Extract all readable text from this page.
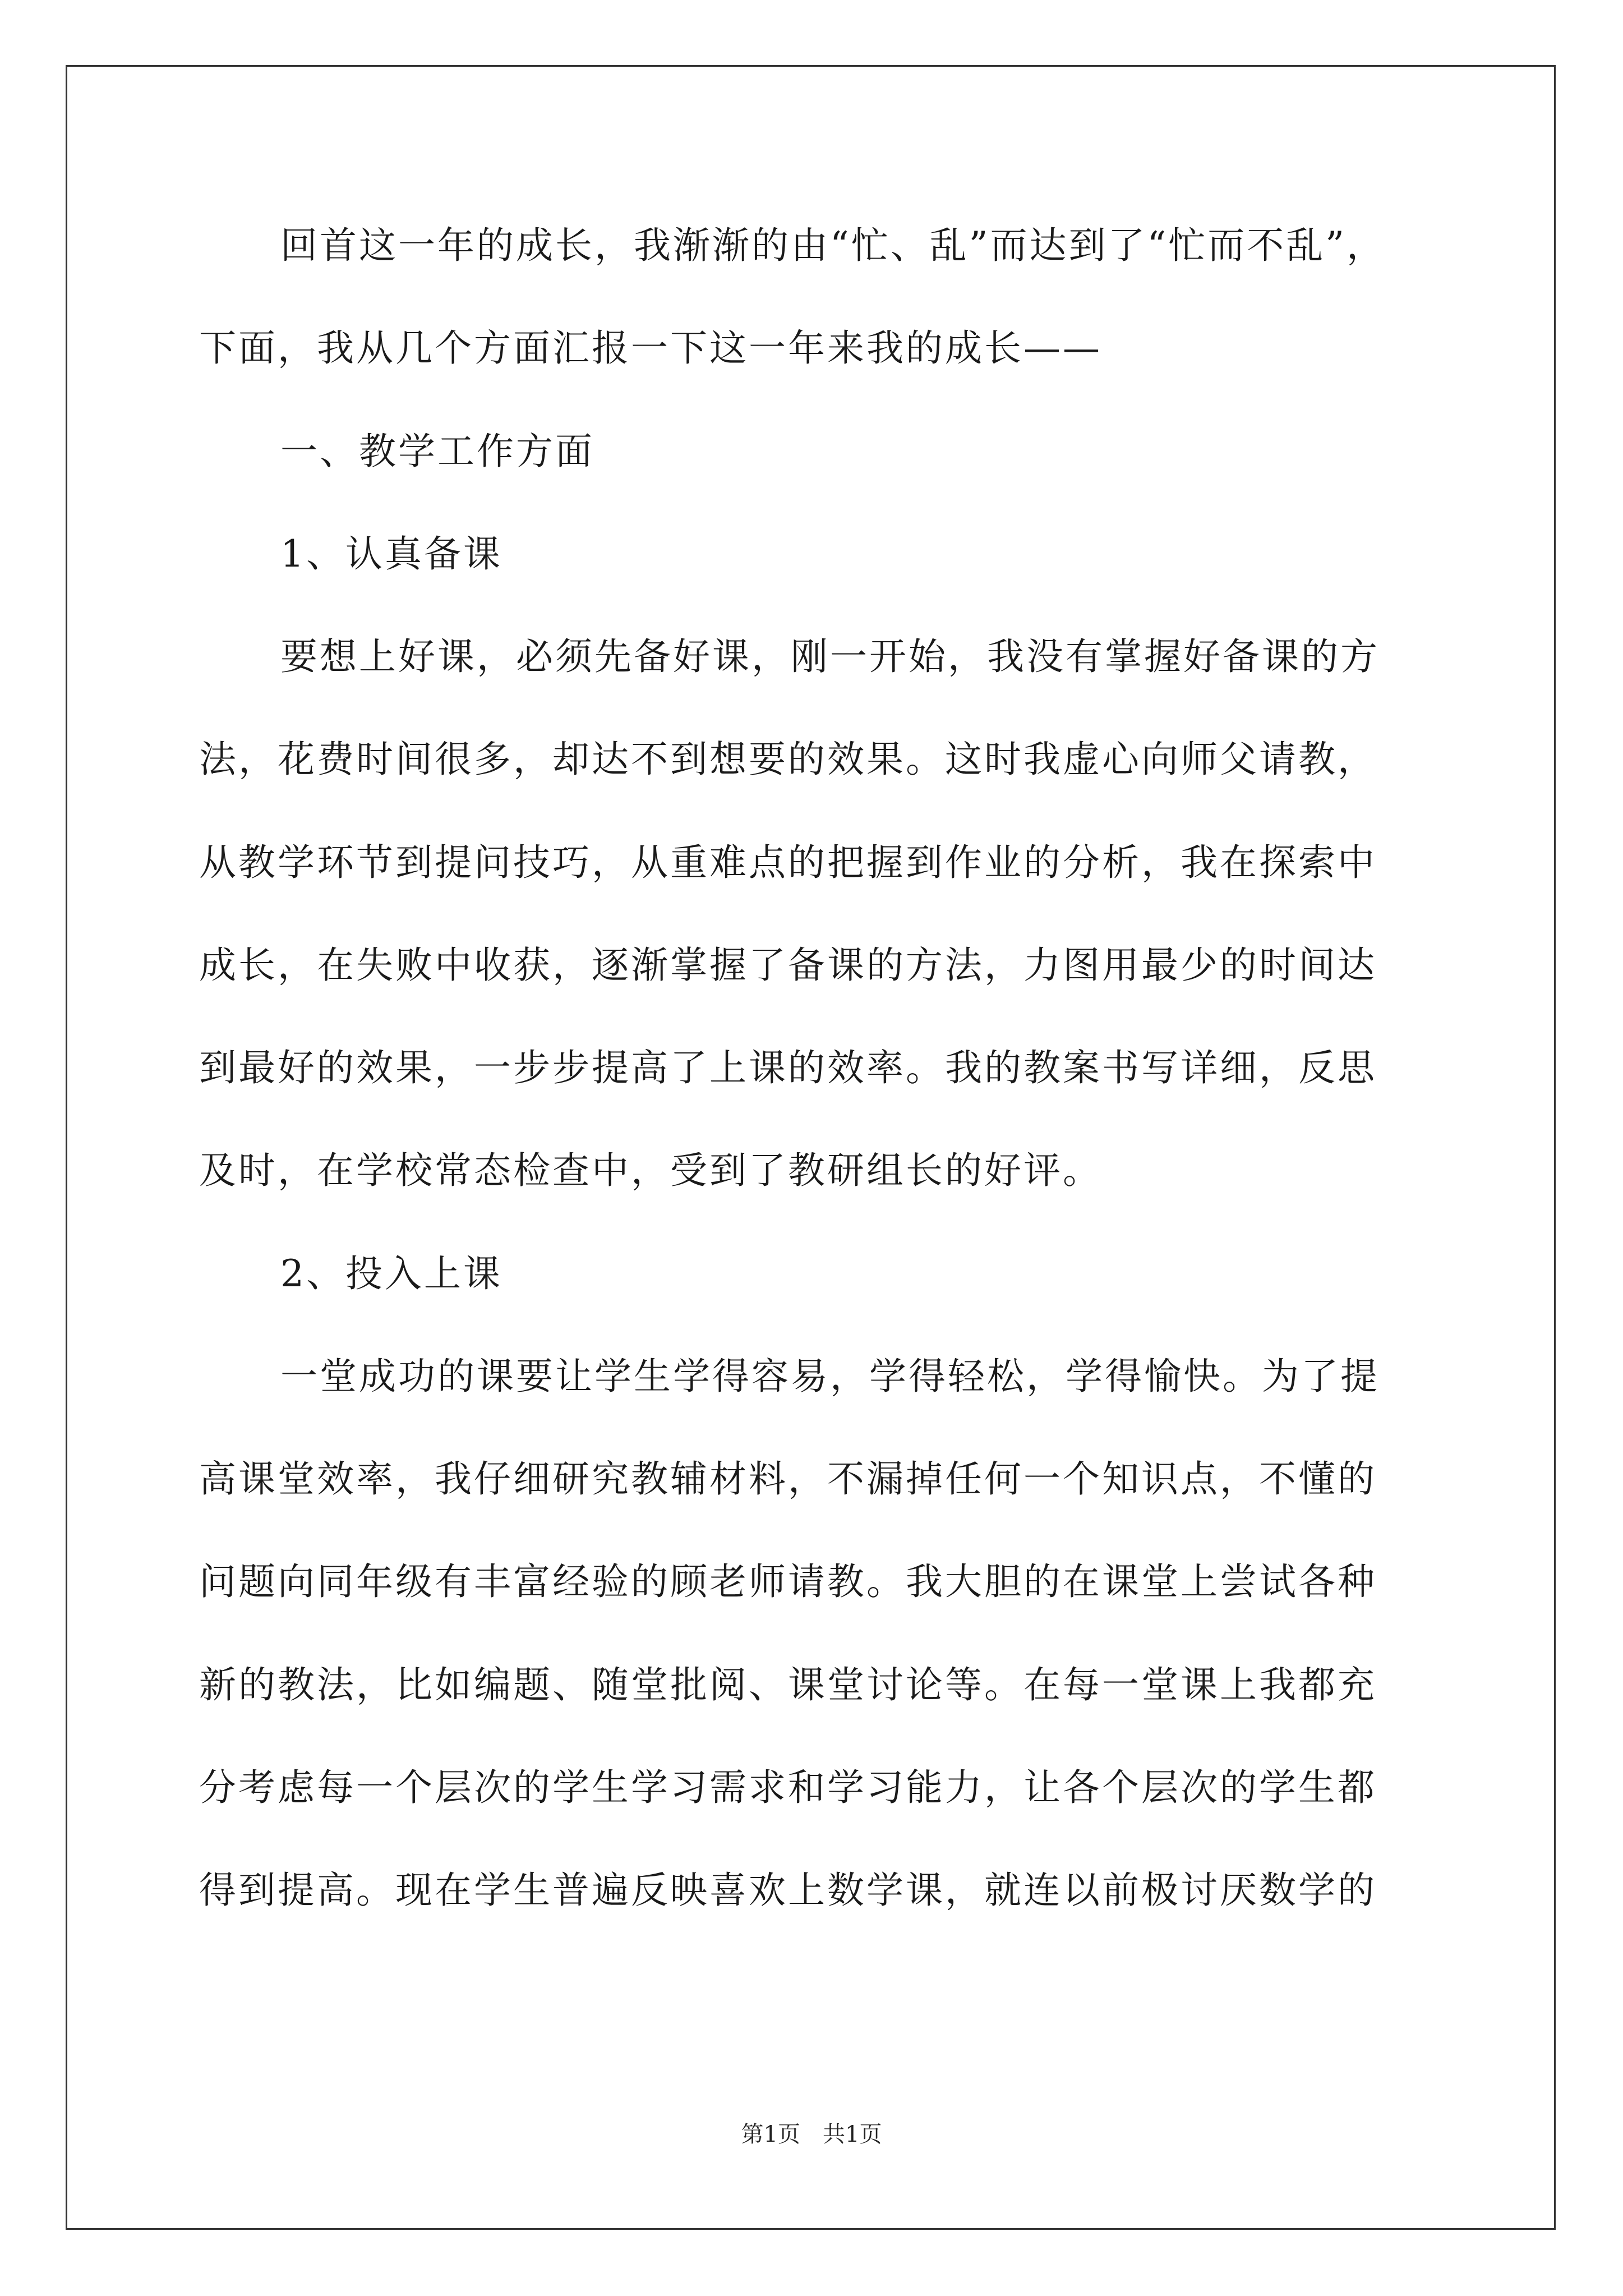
回首这一年的成长，我渐渐的由“忙、乱”而达到了“忙而不乱”，
下面，我从几个方面汇报一下这一年来我的成长——
一、教学工作方面
1、认真备课
要想上好课，必须先备好课，刚一开始，我没有掌握好备课的方
法，花费时间很多，却达不到想要的效果。这时我虚心向师父请教，
从教学环节到提问技巧，从重难点的把握到作业的分析，我在探索中
成长，在失败中收获，逐渐掌握了备课的方法，力图用最少的时间达
到最好的效果，一步步提高了上课的效率。我的教案书写详细，反思
及时，在学校常态检查中，受到了教研组长的好评。
2、投入上课
一堂成功的课要让学生学得容易，学得轻松，学得愉快。为了提
高课堂效率，我仔细研究教辅材料，不漏掉任何一个知识点，不懂的
问题向同年级有丰富经验的顾老师请教。我大胆的在课堂上尝试各种
新的教法，比如编题、随堂批阅、课堂讨论等。在每一堂课上我都充
分考虑每一个层次的学生学习需求和学习能力，让各个层次的学生都
得到提高。现在学生普遍反映喜欢上数学课，就连以前极讨厌数学的
第1页　共1页
